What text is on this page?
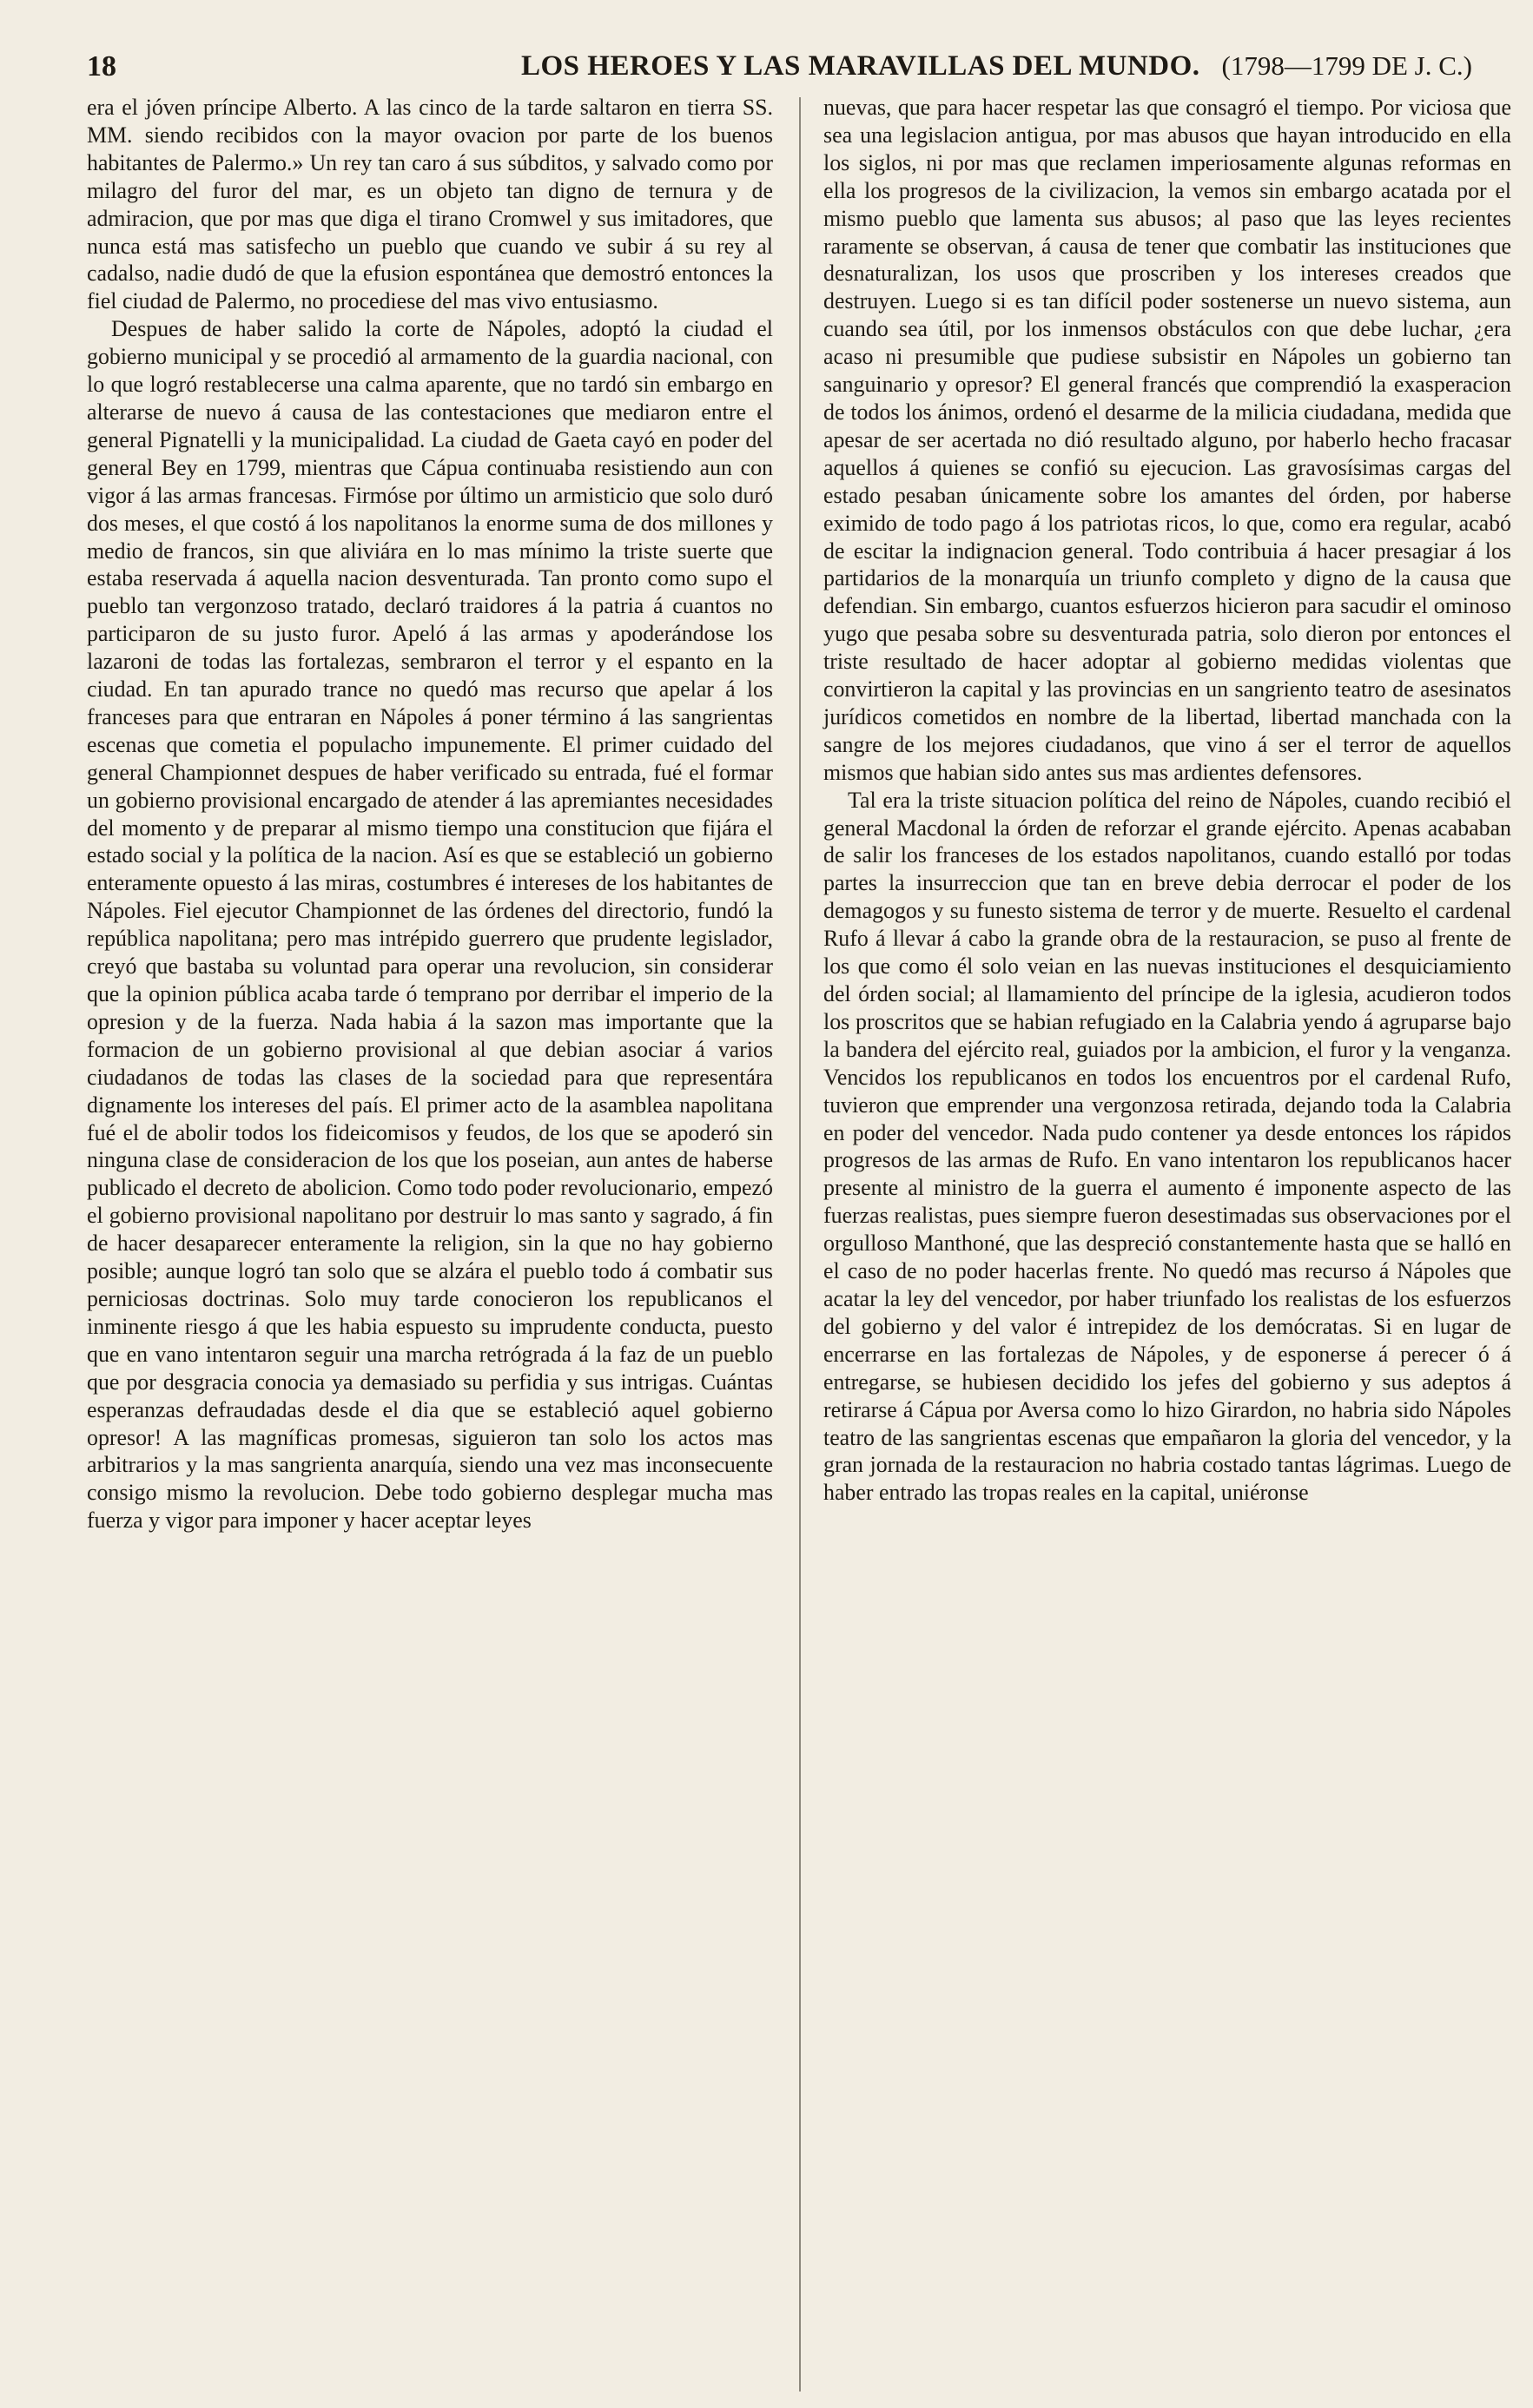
18	LOS HEROES Y LAS MARAVILLAS DEL MUNDO. (1798—1799 DE J. C.)

era el jóven príncipe Alberto. A las cinco de la tarde saltaron en tierra SS. MM. siendo recibidos con la mayor ovacion por parte de los buenos habitantes de Palermo.» Un rey tan caro á sus súbditos, y salvado como por milagro del furor del mar, es un objeto tan digno de ternura y de admiracion, que por mas que diga el tirano Cromwel y sus imitadores, que nunca está mas satisfecho un pueblo que cuando ve subir á su rey al cadalso, nadie dudó de que la efusion espontánea que demostró entonces la fiel ciudad de Palermo, no procediese del mas vivo entusiasmo.

Despues de haber salido la corte de Nápoles, adoptó la ciudad el gobierno municipal y se procedió al armamento de la guardia nacional, con lo que logró restablecerse una calma aparente, que no tardó sin embargo en alterarse de nuevo á causa de las contestaciones que mediaron entre el general Pignatelli y la municipalidad. La ciudad de Gaeta cayó en poder del general Bey en 1799, mientras que Cápua continuaba resistiendo aun con vigor á las armas francesas. Firmóse por último un armisticio que solo duró dos meses, el que costó á los napolitanos la enorme suma de dos millones y medio de francos, sin que aliviára en lo mas mínimo la triste suerte que estaba reservada á aquella nacion desventurada. Tan pronto como supo el pueblo tan vergonzoso tratado, declaró traidores á la patria á cuantos no participaron de su justo furor. Apeló á las armas y apoderándose los lazaroni de todas las fortalezas, sembraron el terror y el espanto en la ciudad. En tan apurado trance no quedó mas recurso que apelar á los franceses para que entraran en Nápoles á poner término á las sangrientas escenas que cometia el populacho impunemente. El primer cuidado del general Championnet despues de haber verificado su entrada, fué el formar un gobierno provisional encargado de atender á las apremiantes necesidades del momento y de preparar al mismo tiempo una constitucion que fijára el estado social y la política de la nacion. Así es que se estableció un gobierno enteramente opuesto á las miras, costumbres é intereses de los habitantes de Nápoles. Fiel ejecutor Championnet de las órdenes del directorio, fundó la república napolitana; pero mas intrépido guerrero que prudente legislador, creyó que bastaba su voluntad para operar una revolucion, sin considerar que la opinion pública acaba tarde ó temprano por derribar el imperio de la opresion y de la fuerza. Nada habia á la sazon mas importante que la formacion de un gobierno provisional al que debian asociar á varios ciudadanos de todas las clases de la sociedad para que representára dignamente los intereses del país. El primer acto de la asamblea napolitana fué el de abolir todos los fideicomisos y feudos, de los que se apoderó sin ninguna clase de consideracion de los que los poseian, aun antes de haberse publicado el decreto de abolicion. Como todo poder revolucionario, empezó el gobierno provisional napolitano por destruir lo mas santo y sagrado, á fin de hacer desaparecer enteramente la religion, sin la que no hay gobierno posible; aunque logró tan solo que se alzára el pueblo todo á combatir sus perniciosas doctrinas. Solo muy tarde conocieron los republicanos el inminente riesgo á que les habia espuesto su imprudente conducta, puesto que en vano intentaron seguir una marcha retrógrada á la faz de un pueblo que por desgracia conocia ya demasiado su perfidia y sus intrigas. Cuántas esperanzas defraudadas desde el dia que se estableció aquel gobierno opresor! A las magníficas promesas, siguieron tan solo los actos mas arbitrarios y la mas sangrienta anarquía, siendo una vez mas inconsecuente consigo mismo la revolucion. Debe todo gobierno desplegar mucha mas fuerza y vigor para imponer y hacer aceptar leyes

nuevas, que para hacer respetar las que consagró el tiempo. Por viciosa que sea una legislacion antigua, por mas abusos que hayan introducido en ella los siglos, ni por mas que reclamen imperiosamente algunas reformas en ella los progresos de la civilizacion, la vemos sin embargo acatada por el mismo pueblo que lamenta sus abusos; al paso que las leyes recientes raramente se observan, á causa de tener que combatir las instituciones que desnaturalizan, los usos que proscriben y los intereses creados que destruyen. Luego si es tan difícil poder sostenerse un nuevo sistema, aun cuando sea útil, por los inmensos obstáculos con que debe luchar, ¿era acaso ni presumible que pudiese subsistir en Nápoles un gobierno tan sanguinario y opresor? El general francés que comprendió la exasperacion de todos los ánimos, ordenó el desarme de la milicia ciudadana, medida que apesar de ser acertada no dió resultado alguno, por haberlo hecho fracasar aquellos á quienes se confió su ejecucion. Las gravosísimas cargas del estado pesaban únicamente sobre los amantes del órden, por haberse eximido de todo pago á los patriotas ricos, lo que, como era regular, acabó de escitar la indignacion general. Todo contribuia á hacer presagiar á los partidarios de la monarquía un triunfo completo y digno de la causa que defendian. Sin embargo, cuantos esfuerzos hicieron para sacudir el ominoso yugo que pesaba sobre su desventurada patria, solo dieron por entonces el triste resultado de hacer adoptar al gobierno medidas violentas que convirtieron la capital y las provincias en un sangriento teatro de asesinatos jurídicos cometidos en nombre de la libertad, libertad manchada con la sangre de los mejores ciudadanos, que vino á ser el terror de aquellos mismos que habian sido antes sus mas ardientes defensores.

Tal era la triste situacion política del reino de Nápoles, cuando recibió el general Macdonal la órden de reforzar el grande ejército. Apenas acababan de salir los franceses de los estados napolitanos, cuando estalló por todas partes la insurreccion que tan en breve debia derrocar el poder de los demagogos y su funesto sistema de terror y de muerte. Resuelto el cardenal Rufo á llevar á cabo la grande obra de la restauracion, se puso al frente de los que como él solo veian en las nuevas instituciones el desquiciamiento del órden social; al llamamiento del príncipe de la iglesia, acudieron todos los proscritos que se habian refugiado en la Calabria yendo á agruparse bajo la bandera del ejército real, guiados por la ambicion, el furor y la venganza. Vencidos los republicanos en todos los encuentros por el cardenal Rufo, tuvieron que emprender una vergonzosa retirada, dejando toda la Calabria en poder del vencedor. Nada pudo contener ya desde entonces los rápidos progresos de las armas de Rufo. En vano intentaron los republicanos hacer presente al ministro de la guerra el aumento é imponente aspecto de las fuerzas realistas, pues siempre fueron desestimadas sus observaciones por el orgulloso Manthoné, que las despreció constantemente hasta que se halló en el caso de no poder hacerlas frente. No quedó mas recurso á Nápoles que acatar la ley del vencedor, por haber triunfado los realistas de los esfuerzos del gobierno y del valor é intrepidez de los demócratas. Si en lugar de encerrarse en las fortalezas de Nápoles, y de esponerse á perecer ó á entregarse, se hubiesen decidido los jefes del gobierno y sus adeptos á retirarse á Cápua por Aversa como lo hizo Girardon, no habria sido Nápoles teatro de las sangrientas escenas que empañaron la gloria del vencedor, y la gran jornada de la restauracion no habria costado tantas lágrimas. Luego de haber entrado las tropas reales en la capital, uniéronse
